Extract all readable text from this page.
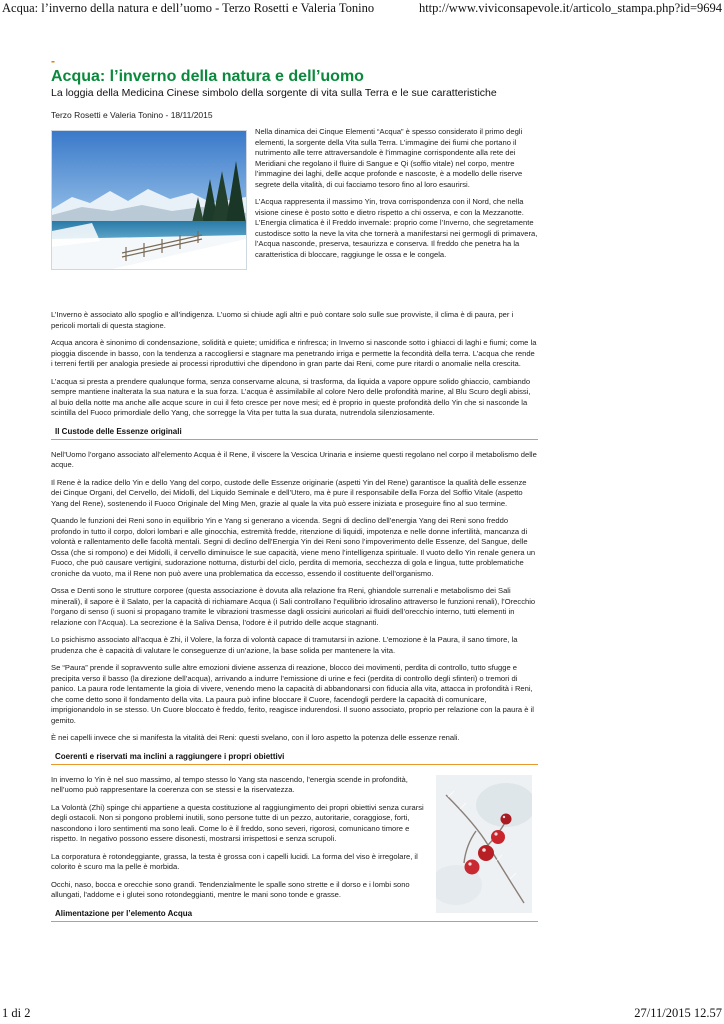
Acqua: l’inverno della natura e dell’uomo - Terzo Rosetti e Valeria Tonino	http://www.viviconsapevole.it/articolo_stampa.php?id=9694
-
Acqua: l’inverno della natura e dell’uomo
La loggia della Medicina Cinese simbolo della sorgente di vita sulla Terra e le sue caratteristiche
Terzo Rosetti e Valeria Tonino - 18/11/2015

Nella dinamica dei Cinque Elementi “Acqua” è spesso considerato il primo degli elementi, la sorgente della Vita sulla Terra. L’immagine dei fiumi che portano il nutrimento alle terre attraversandole è l’immagine corrispondente alla rete dei Meridiani che regolano il fluire di Sangue e Qi (soffio vitale) nel corpo, mentre l’immagine dei laghi, delle acque profonde e nascoste, è a modello delle riserve segrete della vitalità, di cui facciamo tesoro fino al loro esaurirsi.

L’Acqua rappresenta il massimo Yin, trova corrispondenza con il Nord, che nella visione cinese è posto sotto e dietro rispetto a chi osserva, e con la Mezzanotte. L’Energia climatica è il Freddo invernale: proprio come l’Inverno, che segretamente custodisce sotto la neve la vita che tornerà a manifestarsi nei germogli di primavera, l’Acqua nasconde, preserva, tesaurizza e conserva. Il freddo che penetra ha la caratteristica di bloccare, raggiunge le ossa e le congela.

L’Inverno è associato allo spoglio e all’indigenza. L’uomo si chiude agli altri e può contare solo sulle sue provviste, il clima è di paura, per i pericoli mortali di questa stagione.

Acqua ancora è sinonimo di condensazione, solidità e quiete; umidifica e rinfresca; in Inverno si nasconde sotto i ghiacci di laghi e fiumi; come la pioggia discende in basso, con la tendenza a raccogliersi e stagnare ma penetrando irriga e permette la fecondità della terra. L’acqua che rende i terreni fertili per analogia presiede ai processi riproduttivi che dipendono in gran parte dai Reni, come pure ritardi o anomalie nella crescita.

L’acqua si presta a prendere qualunque forma, senza conservarne alcuna, si trasforma, da liquida a vapore oppure solido ghiaccio, cambiando sempre mantiene inalterata la sua natura e la sua forza. L’acqua è assimilabile al colore Nero delle profondità marine, al Blu Scuro degli abissi, al buio della notte ma anche alle acque scure in cui il feto cresce per nove mesi; ed è proprio in queste profondità dello Yin che si nasconde la scintilla del Fuoco primordiale dello Yang, che sorregge la Vita per tutta la sua durata, nutrendola silenziosamente.

Il Custode delle Essenze originali

Nell’Uomo l’organo associato all’elemento Acqua è il Rene, il viscere la Vescica Urinaria e insieme questi regolano nel corpo il metabolismo delle acque.

Il Rene è la radice dello Yin e dello Yang del corpo, custode delle Essenze originarie (aspetti Yin del Rene) garantisce la qualità delle essenze dei Cinque Organi, del Cervello, dei Midolli, del Liquido Seminale e dell’Utero, ma è pure il responsabile della Forza del Soffio Vitale (aspetto Yang del Rene), sostenendo il Fuoco Originale del Ming Men, grazie al quale la vita può essere iniziata e proseguire fino al suo termine.

Quando le funzioni dei Reni sono in equilibrio Yin e Yang si generano a vicenda. Segni di declino dell’energia Yang dei Reni sono freddo profondo in tutto il corpo, dolori lombari e alle ginocchia, estremità fredde, ritenzione di liquidi, impotenza e nelle donne infertilità, mancanza di volontà e rallentamento delle facoltà mentali. Segni di declino dell’Energia Yin dei Reni sono l’impoverimento delle Essenze, del Sangue, delle Ossa (che si rompono) e dei Midolli, il cervello diminuisce le sue capacità, viene meno l’intelligenza spirituale. Il vuoto dello Yin renale genera un Fuoco, che può causare vertigini, sudorazione notturna, disturbi del ciclo, perdita di memoria, secchezza di gola e lingua, tutte problematiche croniche da vuoto, ma il Rene non può avere una problematica da eccesso, essendo il costituente dell’organismo.

Ossa e Denti sono le strutture corporee (questa associazione è dovuta alla relazione fra Reni, ghiandole surrenali e metabolismo dei Sali minerali), il sapore è il Salato, per la capacità di richiamare Acqua (i Sali controllano l’equilibrio idrosalino attraverso le funzioni renali), l’Orecchio l’organo di senso (i suoni si propagano tramite le vibrazioni trasmesse dagli ossicini auricolari ai fluidi dell’orecchio interno, tutti elementi in relazione con l’Acqua). La secrezione è la Saliva Densa, l’odore è il putrido delle acque stagnanti.

Lo psichismo associato all’acqua è Zhi, il Volere, la forza di volontà capace di tramutarsi in azione. L’emozione è la Paura, il sano timore, la prudenza che è capacità di valutare le conseguenze di un’azione, la base solida per mantenere la vita.

Se “Paura” prende il sopravvento sulle altre emozioni diviene assenza di reazione, blocco dei movimenti, perdita di controllo, tutto sfugge e precipita verso il basso (la direzione dell’acqua), arrivando a indurre l’emissione di urine e feci (perdita di controllo degli sfinteri) o tremori di panico. La paura rode lentamente la gioia di vivere, venendo meno la capacità di abbandonarsi con fiducia alla vita, attacca in profondità i Reni, che come detto sono il fondamento della vita. La paura può infine bloccare il Cuore, facendogli perdere la capacità di comunicare, imprigionandolo in se stesso. Un Cuore bloccato è freddo, ferito, reagisce indurendosi. Il suono associato, proprio per relazione con la paura è il gemito.

È nei capelli invece che si manifesta la vitalità dei Reni: questi svelano, con il loro aspetto la potenza delle essenze renali.

Coerenti e riservati ma inclini a raggiungere i propri obiettivi

In inverno lo Yin è nel suo massimo, al tempo stesso lo Yang sta nascendo, l’energia scende in profondità, nell’uomo può rappresentare la coerenza con se stessi e la riservatezza.

La Volontà (Zhi) spinge chi appartiene a questa costituzione al raggiungimento dei propri obiettivi senza curarsi degli ostacoli. Non si pongono problemi inutili, sono persone tutte di un pezzo, autoritarie, coraggiose, forti, nascondono i loro sentimenti ma sono leali. Come lo è il freddo, sono severi, rigorosi, comunicano timore e rispetto. In negativo possono essere disonesti, mostrarsi irrispettosi e senza scrupoli.

La corporatura è rotondeggiante, grassa, la testa è grossa con i capelli lucidi. La forma del viso è irregolare, il colorito è scuro ma la pelle è morbida.

Occhi, naso, bocca e orecchie sono grandi. Tendenzialmente le spalle sono strette e il dorso e i lombi sono allungati, l’addome e i glutei sono rotondeggianti, mentre le mani sono tonde e grasse.

Alimentazione per l’elemento Acqua
1 di 2	27/11/2015 12.57
